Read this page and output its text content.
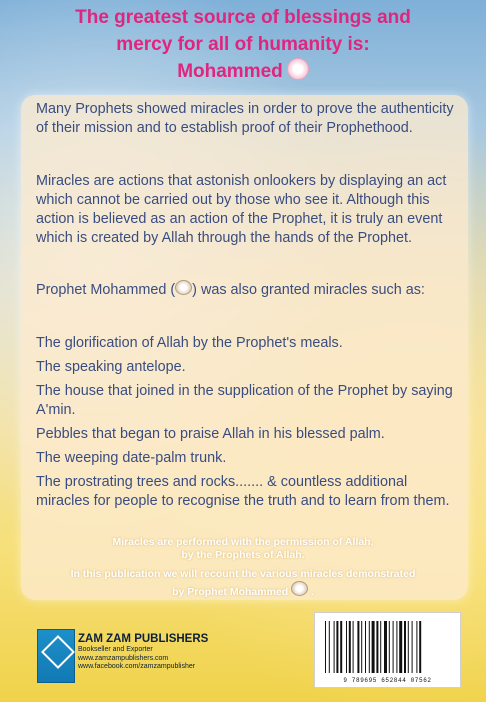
The greatest source of blessings and
mercy for all of humanity is:
Mohammed
Many Prophets showed miracles in order to prove the authenticity of their mission and to establish proof of their Prophethood.
Miracles are actions that astonish onlookers by displaying an act which cannot be carried out by those who see it. Although this action is believed as an action of the Prophet, it is truly an event which is created by Allah through the hands of the Prophet.
Prophet Mohammed ( ) was also granted miracles such as:
The glorification of Allah by the Prophet's meals.
The speaking antelope.
The house that joined in the supplication of the Prophet by saying A'min.
Pebbles that began to praise Allah in his blessed palm.
The weeping date-palm trunk.
The prostrating trees and rocks....... & countless additional miracles for people to recognise the truth and to learn from them.
Miracles are performed with the permission of Allah,
by the Prophets of Allah.
In this publication we will recount the various miracles demonstrated
by Prophet Mohammed .
ZAM ZAM PUBLISHERS
Bookseller and Exporter
www.zamzampublishers.com
www.facebook.com/zamzampublisher
9 789695 652844 07562
